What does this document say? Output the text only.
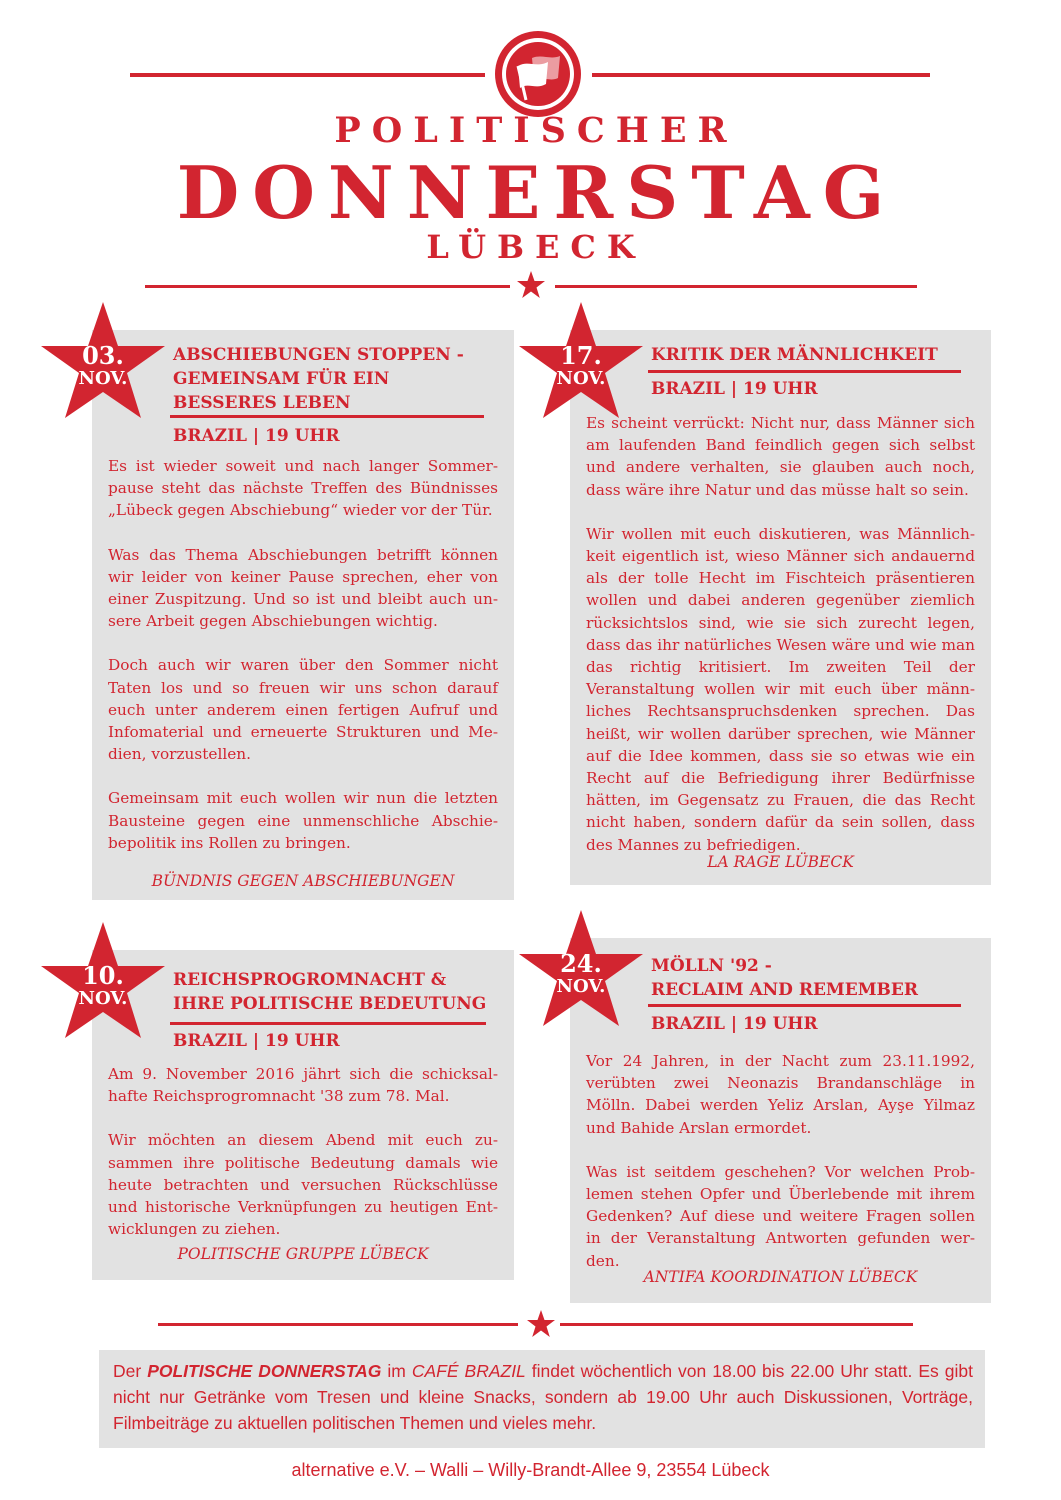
POLITISCHER
DONNERSTAG
LÜBECK
03.
NOV.
ABSCHIEBUNGEN STOPPEN -
GEMEINSAM FÜR EIN
BESSERES LEBEN
BRAZIL | 19 UHR

Es ist wieder soweit und nach langer Sommer-pause steht das nächste Treffen des Bündnisses „Lübeck gegen Abschiebung“ wieder vor der Tür.

Was das Thema Abschiebungen betrifft können wir leider von keiner Pause sprechen, eher von einer Zuspitzung. Und so ist und bleibt auch un-sere Arbeit gegen Abschiebungen wichtig.

Doch auch wir waren über den Sommer nicht Taten los und so freuen wir uns schon darauf euch unter anderem einen fertigen Aufruf und Infomaterial und erneuerte Strukturen und Me-dien, vorzustellen.

Gemeinsam mit euch wollen wir nun die letzten Bausteine gegen eine unmenschliche Abschie-bepolitik ins Rollen zu bringen.

BÜNDNIS GEGEN ABSCHIEBUNGEN
17.
NOV.
KRITIK DER MÄNNLICHKEIT
BRAZIL | 19 UHR

Es scheint verrückt: Nicht nur, dass Männer sich am laufenden Band feindlich gegen sich selbst und andere verhalten, sie glauben auch noch, dass wäre ihre Natur und das müsse halt so sein.

Wir wollen mit euch diskutieren, was Männlich-keit eigentlich ist, wieso Männer sich andauernd als der tolle Hecht im Fischteich präsentieren wollen und dabei anderen gegenüber ziemlich rücksichtslos sind, wie sie sich zurecht legen, dass das ihr natürliches Wesen wäre und wie man das richtig kritisiert. Im zweiten Teil der Veranstaltung wollen wir mit euch über männ-liches Rechtsanspruchsdenken sprechen. Das heißt, wir wollen darüber sprechen, wie Männer auf die Idee kommen, dass sie so etwas wie ein Recht auf die Befriedigung ihrer Bedürfnisse hätten, im Gegensatz zu Frauen, die das Recht nicht haben, sondern dafür da sein sollen, dass des Mannes zu befriedigen.

LA RAGE LÜBECK
10.
NOV.
REICHSPROGROMNACHT &
IHRE POLITISCHE BEDEUTUNG
BRAZIL | 19 UHR

Am 9. November 2016 jährt sich die schicksal-hafte Reichsprogromnacht '38 zum 78. Mal.

Wir möchten an diesem Abend mit euch zu-sammen ihre politische Bedeutung damals wie heute betrachten und versuchen Rückschlüsse und historische Verknüpfungen zu heutigen Ent-wicklungen zu ziehen.

POLITISCHE GRUPPE LÜBECK
24.
NOV.
MÖLLN '92 -
RECLAIM AND REMEMBER
BRAZIL | 19 UHR

Vor 24 Jahren, in der Nacht zum 23.11.1992, verübten zwei Neonazis Brandanschläge in Mölln. Dabei werden Yeliz Arslan, Ayşe Yilmaz und Bahide Arslan ermordet.

Was ist seitdem geschehen? Vor welchen Prob-lemen stehen Opfer und Überlebende mit ihrem Gedenken? Auf diese und weitere Fragen sollen in der Veranstaltung Antworten gefunden wer-den.

ANTIFA KOORDINATION LÜBECK
Der POLITISCHE DONNERSTAG im CAFÉ BRAZIL findet wöchentlich von 18.00 bis 22.00 Uhr statt. Es gibt nicht nur Getränke vom Tresen und kleine Snacks, sondern ab 19.00 Uhr auch Diskussionen, Vorträge, Filmbeiträge zu aktuellen politischen Themen und vieles mehr.
alternative e.V. – Walli – Willy-Brandt-Allee 9, 23554 Lübeck
